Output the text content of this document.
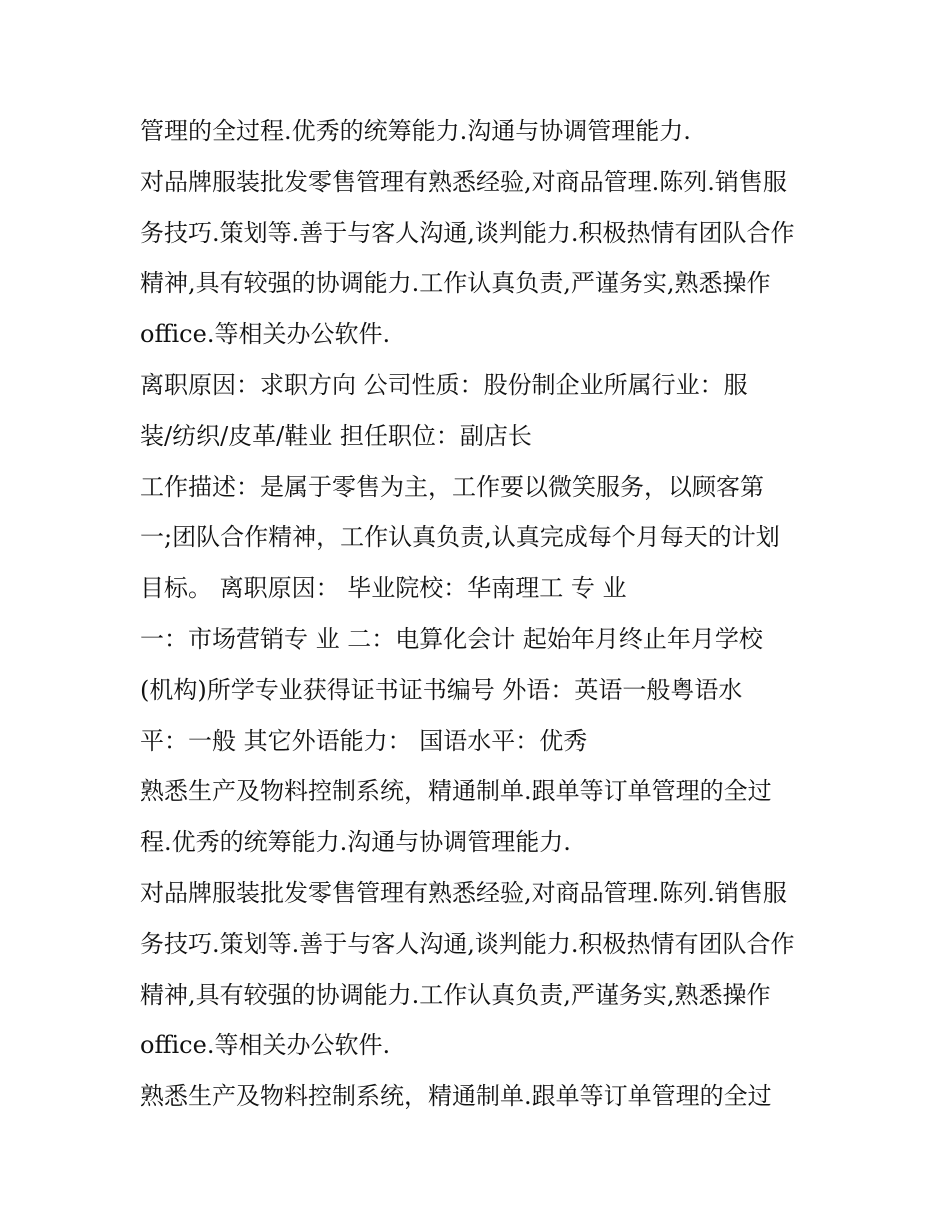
管理的全过程.优秀的统筹能力.沟通与协调管理能力.

对品牌服装批发零售管理有熟悉经验,对商品管理.陈列.销售服

务技巧.策划等.善于与客人沟通,谈判能力.积极热情有团队合作

精神,具有较强的协调能力.工作认真负责,严谨务实,熟悉操作

office.等相关办公软件.

离职原因：求职方向 公司性质：股份制企业所属行业：服

装/纺织/皮革/鞋业 担任职位：副店长

工作描述：是属于零售为主，工作要以微笑服务，以顾客第

一;团队合作精神，工作认真负责,认真完成每个月每天的计划

目标。 离职原因： 毕业院校：华南理工 专 业

一：市场营销专 业 二：电算化会计 起始年月终止年月学校

(机构)所学专业获得证书证书编号 外语：英语一般粤语水

平：一般 其它外语能力： 国语水平：优秀

熟悉生产及物料控制系统，精通制单.跟单等订单管理的全过

程.优秀的统筹能力.沟通与协调管理能力.

对品牌服装批发零售管理有熟悉经验,对商品管理.陈列.销售服

务技巧.策划等.善于与客人沟通,谈判能力.积极热情有团队合作

精神,具有较强的协调能力.工作认真负责,严谨务实,熟悉操作

office.等相关办公软件.

熟悉生产及物料控制系统，精通制单.跟单等订单管理的全过
